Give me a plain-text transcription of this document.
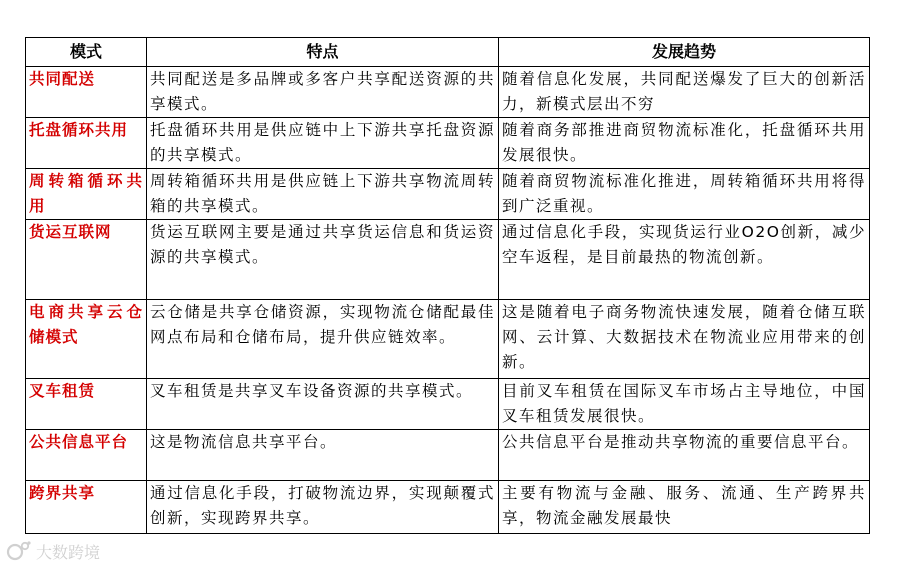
模式	特点	发展趋势
共同配送	共同配送是多品牌或多客户共享配送资源的共享模式。	随着信息化发展，共同配送爆发了巨大的创新活力，新模式层出不穷
托盘循环共用	托盘循环共用是供应链中上下游共享托盘资源的共享模式。	随着商务部推进商贸物流标准化，托盘循环共用发展很快。
周转箱循环共用	周转箱循环共用是供应链上下游共享物流周转箱的共享模式。	随着商贸物流标准化推进，周转箱循环共用将得到广泛重视。
货运互联网	货运互联网主要是通过共享货运信息和货运资源的共享模式。	通过信息化手段，实现货运行业O2O创新，减少空车返程，是目前最热的物流创新。
电商共享云仓储模式	云仓储是共享仓储资源，实现物流仓储配最佳网点布局和仓储布局，提升供应链效率。	这是随着电子商务物流快速发展，随着仓储互联网、云计算、大数据技术在物流业应用带来的创新。
叉车租赁	叉车租赁是共享叉车设备资源的共享模式。	目前叉车租赁在国际叉车市场占主导地位，中国叉车租赁发展很快。
公共信息平台	这是物流信息共享平台。	公共信息平台是推动共享物流的重要信息平台。
跨界共享	通过信息化手段，打破物流边界，实现颠覆式创新，实现跨界共享。	主要有物流与金融、服务、流通、生产跨界共享，物流金融发展最快
大数跨境
